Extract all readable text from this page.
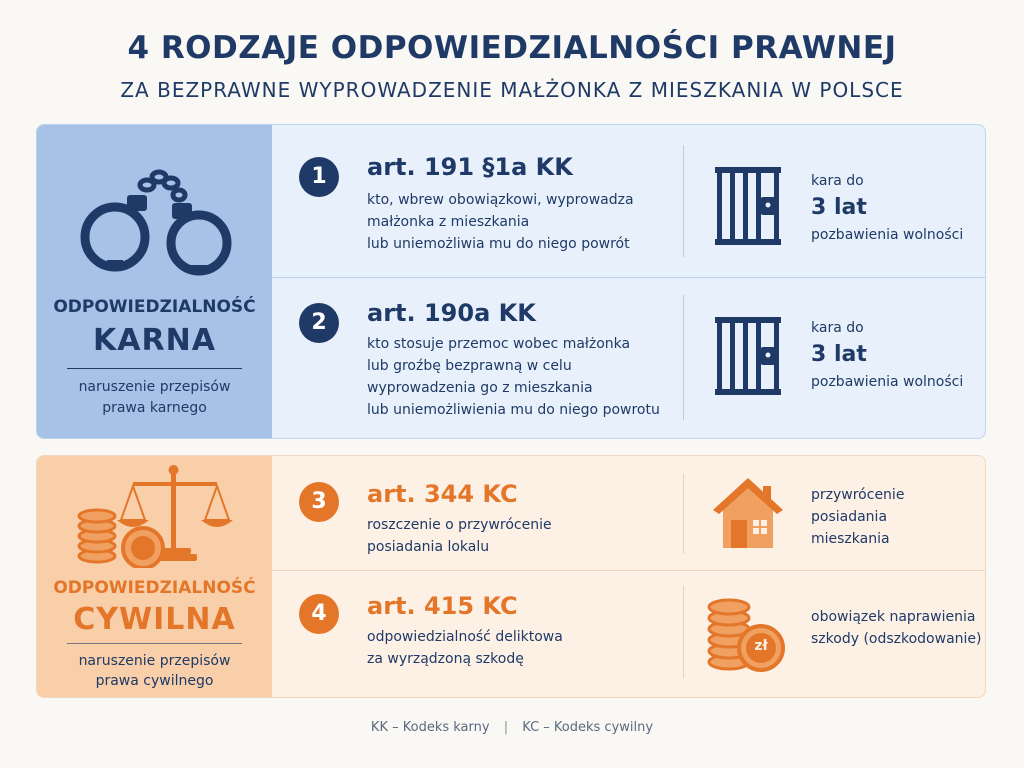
4 RODZAJE ODPOWIEDZIALNOŚCI PRAWNEJ
ZA BEZPRAWNE WYPROWADZENIE MAŁŻONKA Z MIESZKANIA W POLSCE
ODPOWIEDZIALNOŚĆ
KARNA
naruszenie przepisów
prawa karnego
1	art. 191 §1a KK
kto, wbrew obowiązkowi, wyprowadza
małżonka z mieszkania
lub uniemożliwia mu do niego powrót
kara do
3 lat
pozbawienia wolności
2	art. 190a KK
kto stosuje przemoc wobec małżonka
lub groźbę bezprawną w celu
wyprowadzenia go z mieszkania
lub uniemożliwienia mu do niego powrotu
kara do
3 lat
pozbawienia wolności
ODPOWIEDZIALNOŚĆ
CYWILNA
naruszenie przepisów
prawa cywilnego
3	art. 344 KC
roszczenie o przywrócenie
posiadania lokalu
przywrócenie
posiadania
mieszkania
4	art. 415 KC
odpowiedzialność deliktowa
za wyrządzoną szkodę
zł
obowiązek naprawienia
szkody (odszkodowanie)
KK – Kodeks karny | KC – Kodeks cywilny
